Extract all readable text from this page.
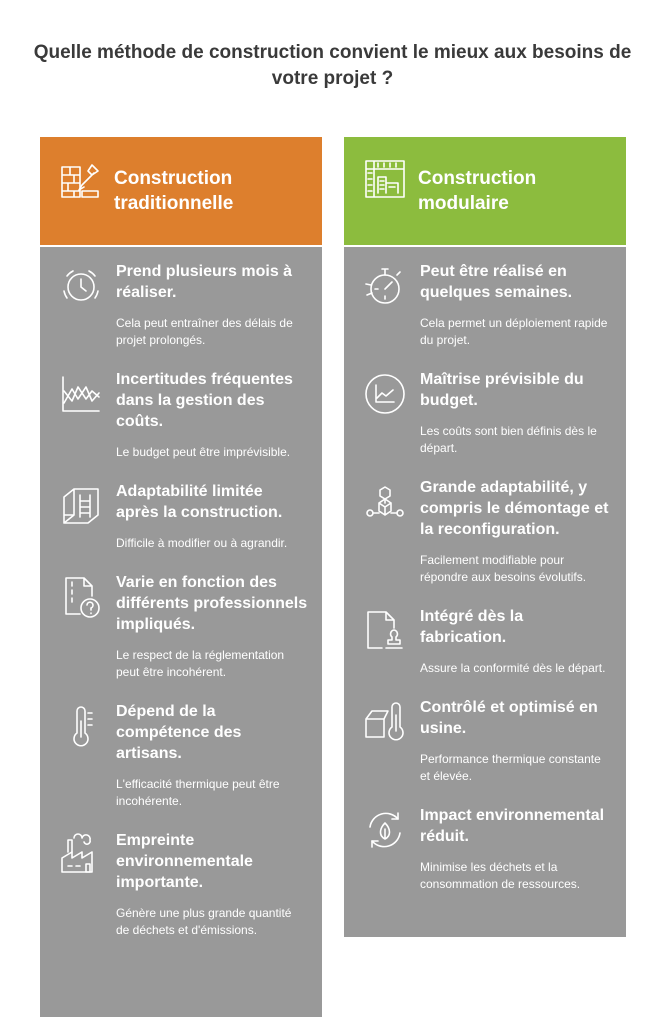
Quelle méthode de construction convient le mieux aux besoins de votre projet ?
Construction traditionnelle
Prend plusieurs mois à réaliser.
Cela peut entraîner des délais de projet prolongés.
Incertitudes fréquentes dans la gestion des coûts.
Le budget peut être imprévisible.
Adaptabilité limitée après la construction.
Difficile à modifier ou à agrandir.
Varie en fonction des différents professionnels impliqués.
Le respect de la réglementation peut être incohérent.
Dépend de la compétence des artisans.
L'efficacité thermique peut être incohérente.
Empreinte environnementale importante.
Génère une plus grande quantité de déchets et d'émissions.
Construction modulaire
Peut être réalisé en quelques semaines.
Cela permet un déploiement rapide du projet.
Maîtrise prévisible du budget.
Les coûts sont bien définis dès le départ.
Grande adaptabilité, y compris le démontage et la reconfiguration.
Facilement modifiable pour répondre aux besoins évolutifs.
Intégré dès la fabrication.
Assure la conformité dès le départ.
Contrôlé et optimisé en usine.
Performance thermique constante et élevée.
Impact environnemental réduit.
Minimise les déchets et la consommation de ressources.
